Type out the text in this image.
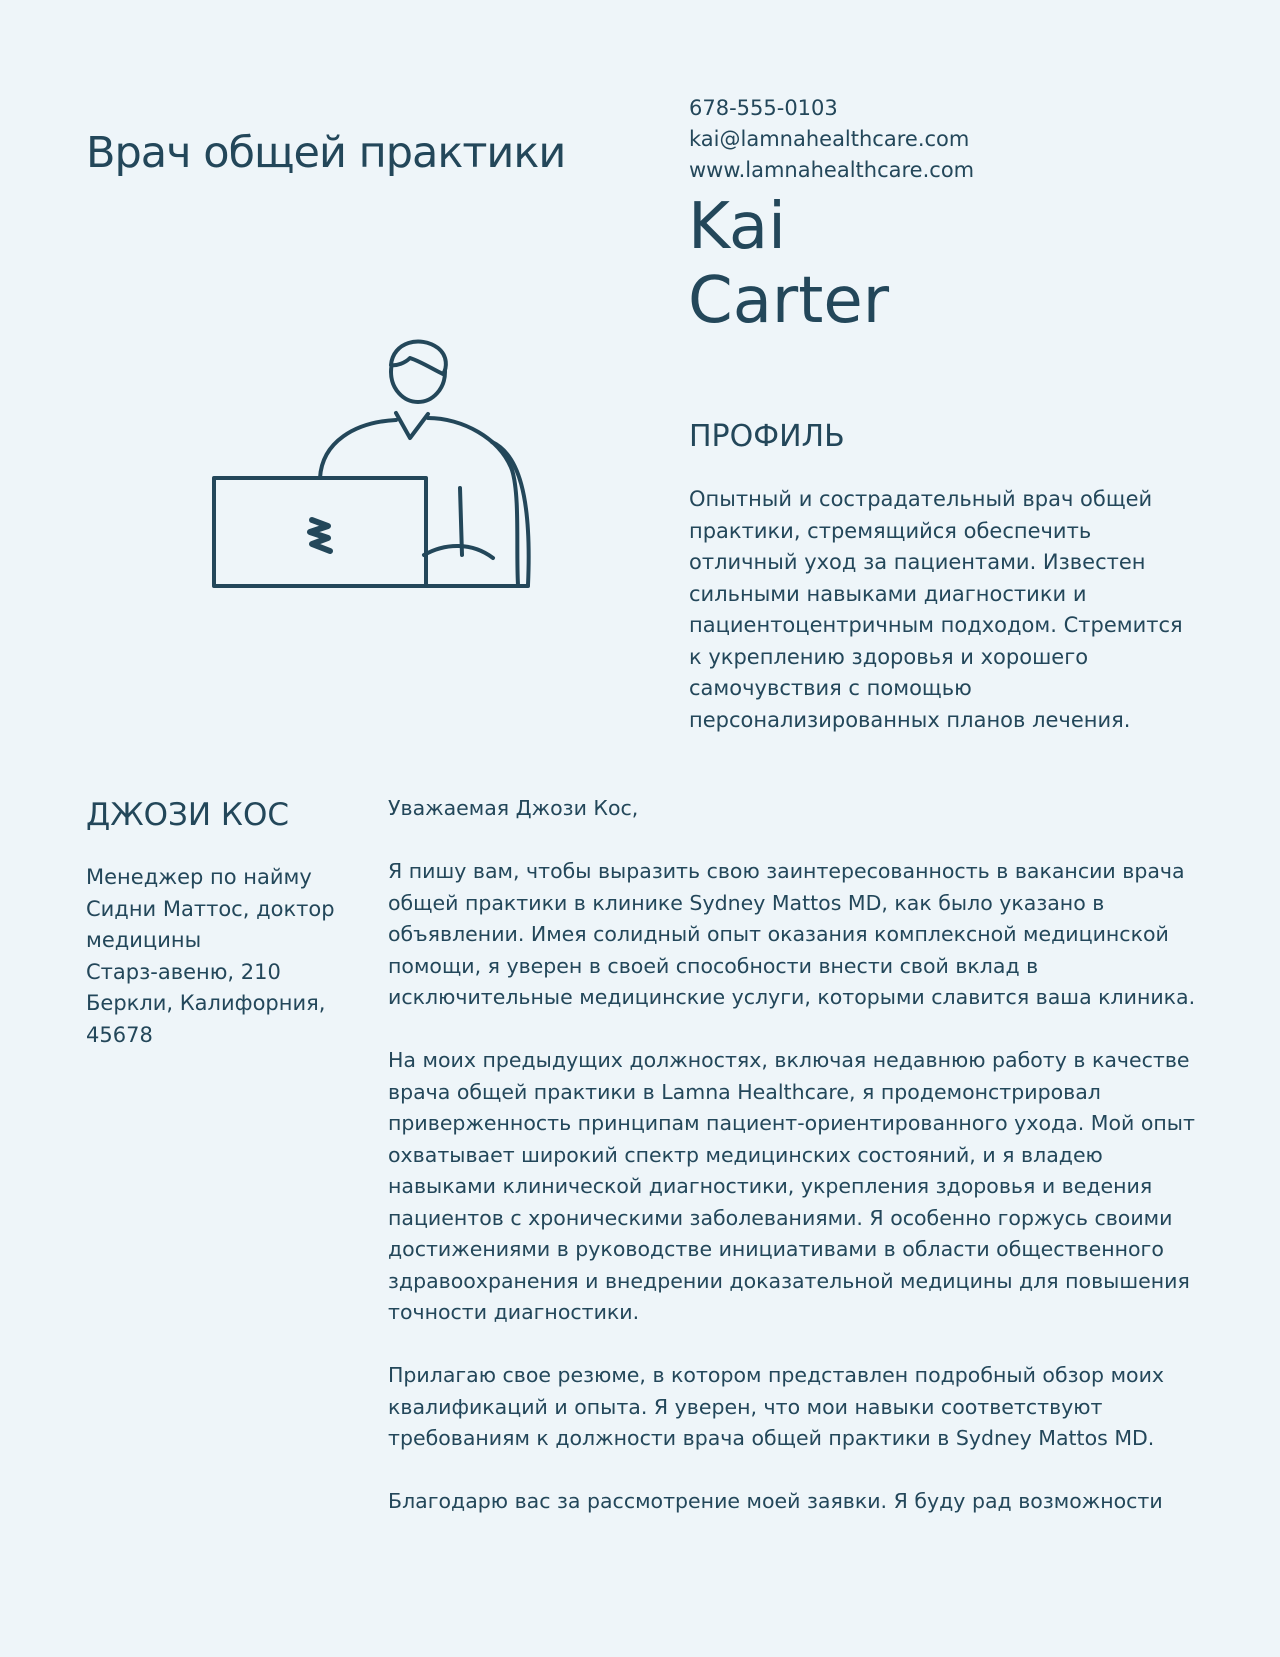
Врач общей практики
678-555-0103
kai@lamnahealthcare.com
www.lamnahealthcare.com
Kai
Carter
ПРОФИЛЬ

Опытный и сострадательный врач общей практики, стремящийся обеспечить отличный уход за пациентами. Известен сильными навыками диагностики и пациентоцентричным подходом. Стремится к укреплению здоровья и хорошего самочувствия с помощью персонализированных планов лечения.

ДЖОЗИ КОС
Менеджер по найму
Сидни Маттос, доктор медицины
Старз-авеню, 210
Беркли, Калифорния, 45678

Уважаемая Джози Кос,

Я пишу вам, чтобы выразить свою заинтересованность в вакансии врача общей практики в клинике Sydney Mattos MD, как было указано в объявлении. Имея солидный опыт оказания комплексной медицинской помощи, я уверен в своей способности внести свой вклад в исключительные медицинские услуги, которыми славится ваша клиника.

На моих предыдущих должностях, включая недавнюю работу в качестве врача общей практики в Lamna Healthcare, я продемонстрировал приверженность принципам пациент-ориентированного ухода. Мой опыт охватывает широкий спектр медицинских состояний, и я владею навыками клинической диагностики, укрепления здоровья и ведения пациентов с хроническими заболеваниями. Я особенно горжусь своими достижениями в руководстве инициативами в области общественного здравоохранения и внедрении доказательной медицины для повышения точности диагностики.

Прилагаю свое резюме, в котором представлен подробный обзор моих квалификаций и опыта. Я уверен, что мои навыки соответствуют требованиям к должности врача общей практики в Sydney Mattos MD.

Благодарю вас за рассмотрение моей заявки. Я буду рад возможности
